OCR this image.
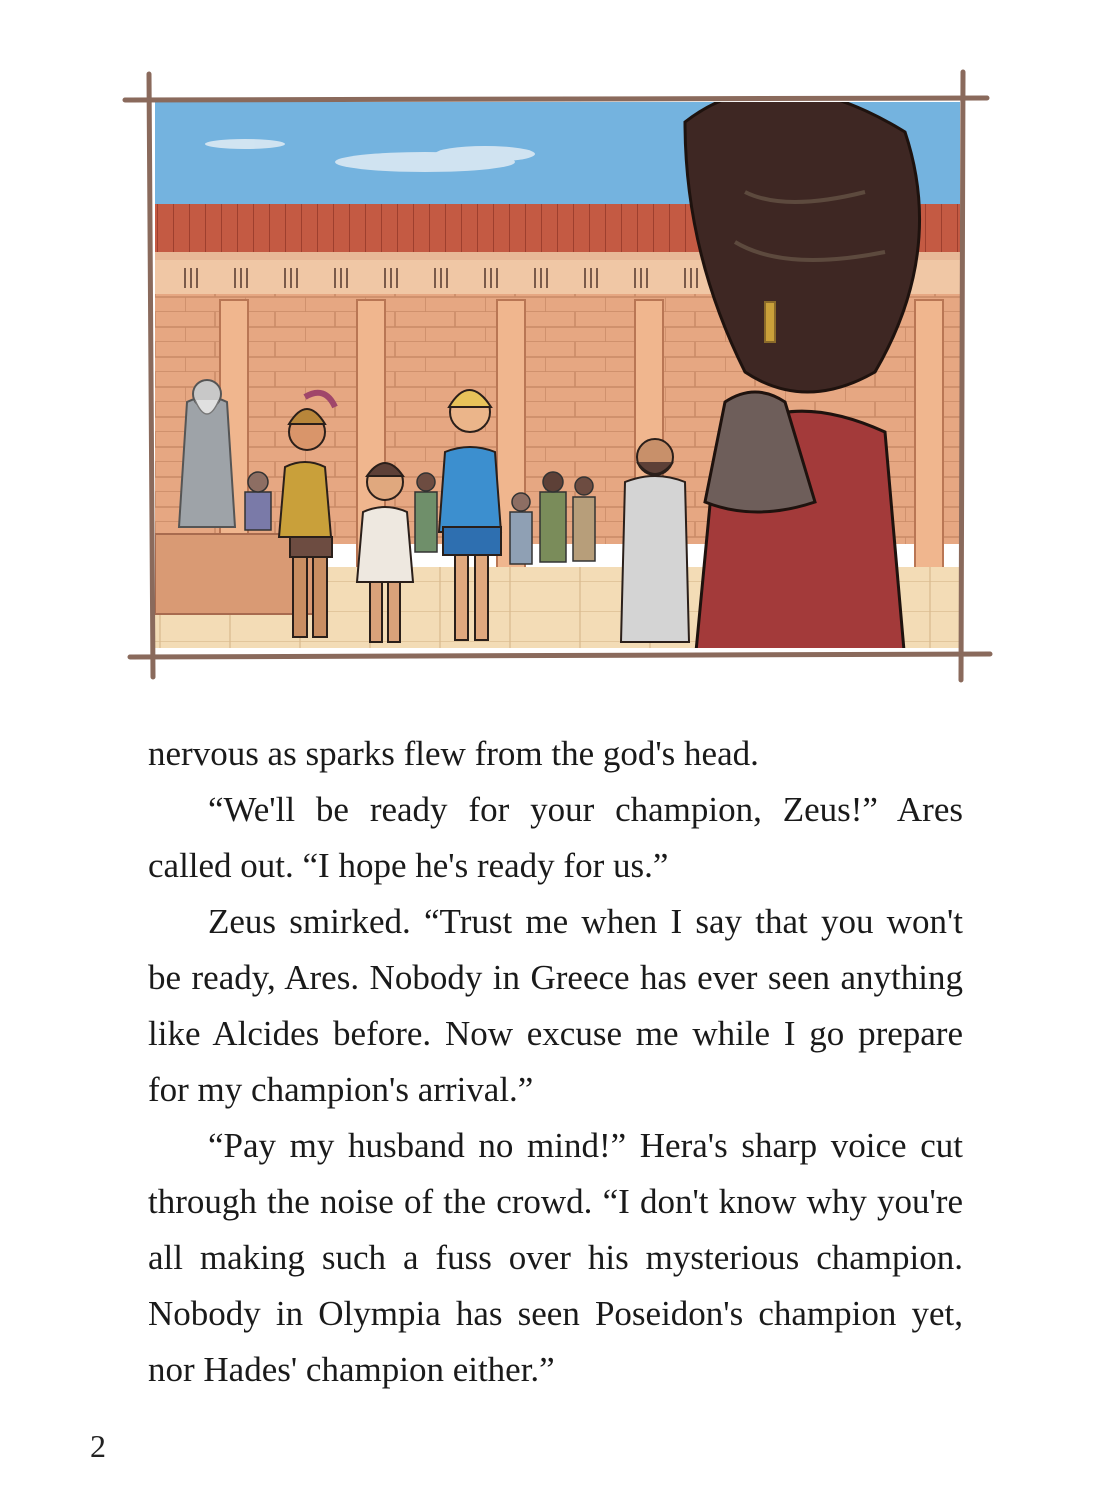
nervous as sparks flew from the god's head.

“We'll be ready for your champion, Zeus!” Ares called out. “I hope he's ready for us.”

Zeus smirked. “Trust me when I say that you won't be ready, Ares. Nobody in Greece has ever seen anything like Alcides before. Now excuse me while I go prepare for my champion's arrival.”

“Pay my husband no mind!” Hera's sharp voice cut through the noise of the crowd. “I don't know why you're all making such a fuss over his mysterious champion. Nobody in Olympia has seen Poseidon's champion yet, nor Hades' champion either.”

2
